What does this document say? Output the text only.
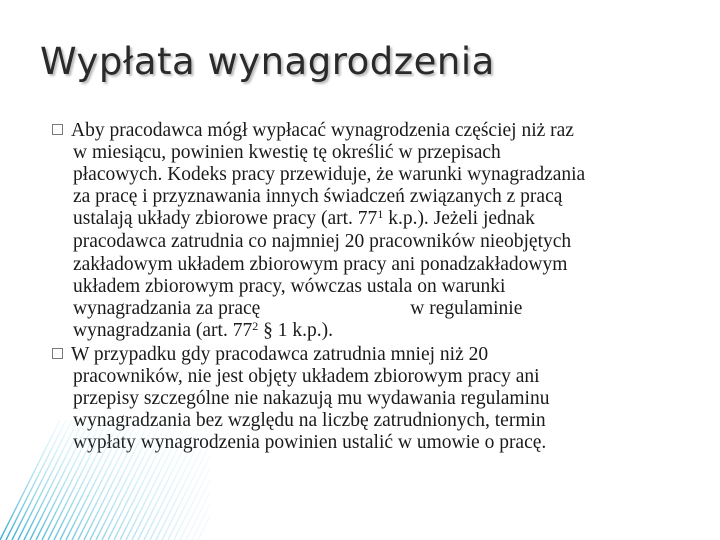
Wypłata wynagrodzenia
Aby pracodawca mógł wypłacać wynagrodzenia częściej niż raz
w miesiącu, powinien kwestię tę określić w przepisach
płacowych. Kodeks pracy przewiduje, że warunki wynagradzania
za pracę i przyznawania innych świadczeń związanych z pracą
ustalają układy zbiorowe pracy (art. $77^1$ k.p.). Jeżeli jednak
pracodawca zatrudnia co najmniej 20 pracowników nieobjętych
zakładowym układem zbiorowym pracy ani ponadzakładowym
układem zbiorowym pracy, wówczas ustala on warunki
wynagradzania za pracę	w regulaminie
wynagradzania (art. $77^2$ § 1 k.p.).
W przypadku gdy pracodawca zatrudnia mniej niż 20
pracowników, nie jest objęty układem zbiorowym pracy ani
przepisy szczególne nie nakazują mu wydawania regulaminu
wynagradzania bez względu na liczbę zatrudnionych, termin
wypłaty wynagrodzenia powinien ustalić w umowie o pracę.
